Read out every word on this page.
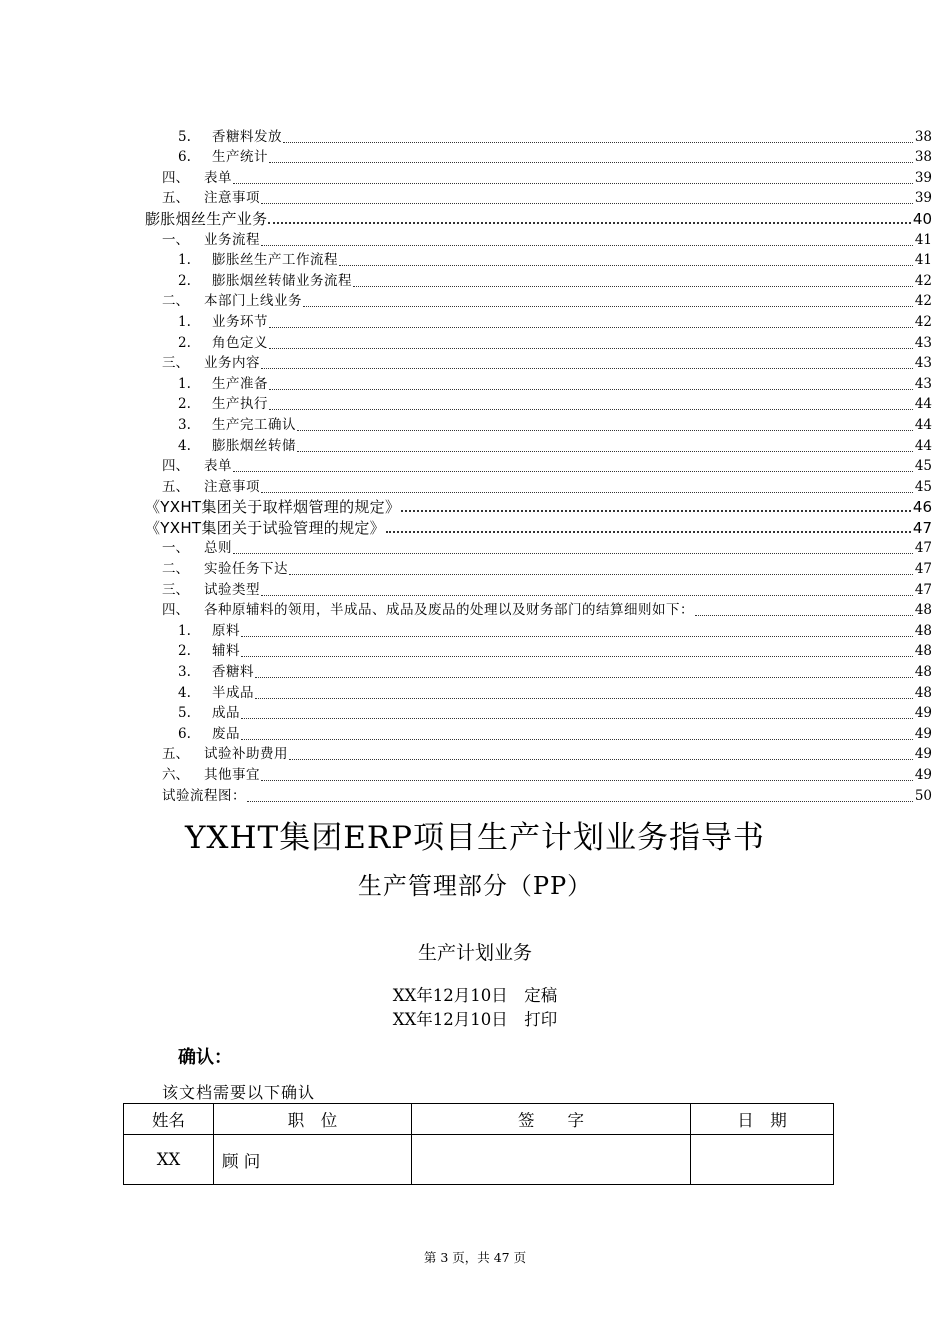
5. 香糖料发放	38
6. 生产统计	38
四、 表单	39
五、 注意事项	39
膨胀烟丝生产业务	40
一、 业务流程	41
1. 膨胀丝生产工作流程	41
2. 膨胀烟丝转储业务流程	42
二、 本部门上线业务	42
1. 业务环节	42
2. 角色定义	43
三、 业务内容	43
1. 生产准备	43
2. 生产执行	44
3. 生产完工确认	44
4. 膨胀烟丝转储	44
四、 表单	45
五、 注意事项	45
《YXHT集团关于取样烟管理的规定》	46
《YXHT集团关于试验管理的规定》	47
一、 总则	47
二、 实验任务下达	47
三、 试验类型	47
四、 各种原辅料的领用，半成品、成品及废品的处理以及财务部门的结算细则如下：	48
1. 原料	48
2. 辅料	48
3. 香糖料	48
4. 半成品	48
5. 成品	49
6. 废品	49
五、 试验补助费用	49
六、 其他事宜	49
试验流程图：	50
YXHT集团ERP项目生产计划业务指导书
生产管理部分（PP）
生产计划业务
XX年12月10日　定稿
XX年12月10日　打印
确认：
该文档需要以下确认
姓名	职　位	签　　字	日　期
XX	顾 问		
第 3 页，共 47 页
